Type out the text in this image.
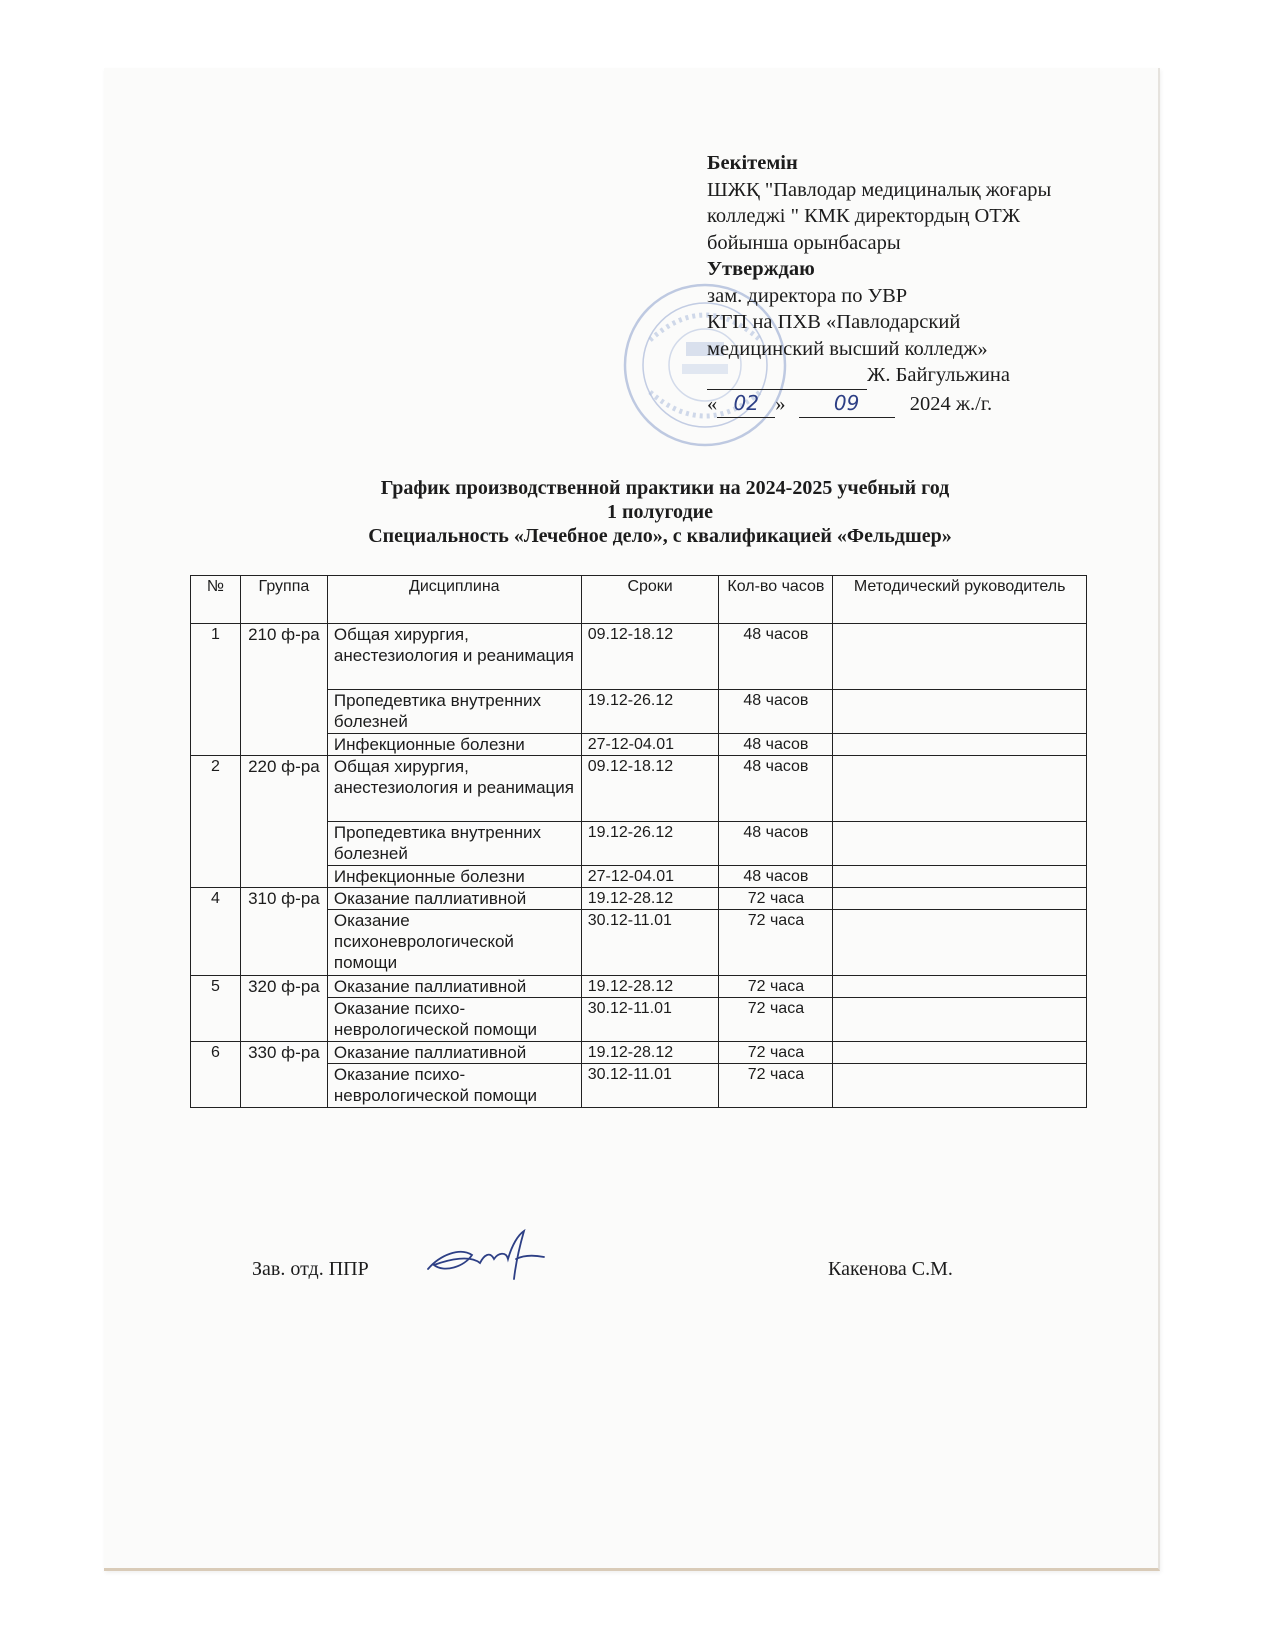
Бекітемін
ШЖҚ "Павлодар медициналық жоғары
колледжі " КМК директордың ОТЖ
бойынша орынбасары
Утверждаю
зам. директора по УВР
КГП на ПХВ «Павлодарский
медицинский высший колледж»
Ж. Байгульжина
« 02 » 09 2024 ж./г.
График производственной практики на 2024-2025 учебный год
1 полугодие
Специальность «Лечебное дело», с квалификацией «Фельдшер»
№	Группа	Дисциплина	Сроки	Кол-во часов	Методический руководитель
1	210 ф-ра	Общая хирургия, анестезиология и реанимация	09.12-18.12	48 часов	
		Пропедевтика внутренних болезней	19.12-26.12	48 часов	
		Инфекционные болезни	27-12-04.01	48 часов	
2	220 ф-ра	Общая хирургия, анестезиология и реанимация	09.12-18.12	48 часов	
		Пропедевтика внутренних болезней	19.12-26.12	48 часов	
		Инфекционные болезни	27-12-04.01	48 часов	
4	310 ф-ра	Оказание паллиативной	19.12-28.12	72 часа	
		Оказание психоневрологической помощи	30.12-11.01	72 часа	
5	320 ф-ра	Оказание паллиативной	19.12-28.12	72 часа	
		Оказание психо-неврологической помощи	30.12-11.01	72 часа	
6	330 ф-ра	Оказание паллиативной	19.12-28.12	72 часа	
		Оказание психо-неврологической помощи	30.12-11.01	72 часа	
Зав. отд. ППР	Какенова С.М.
